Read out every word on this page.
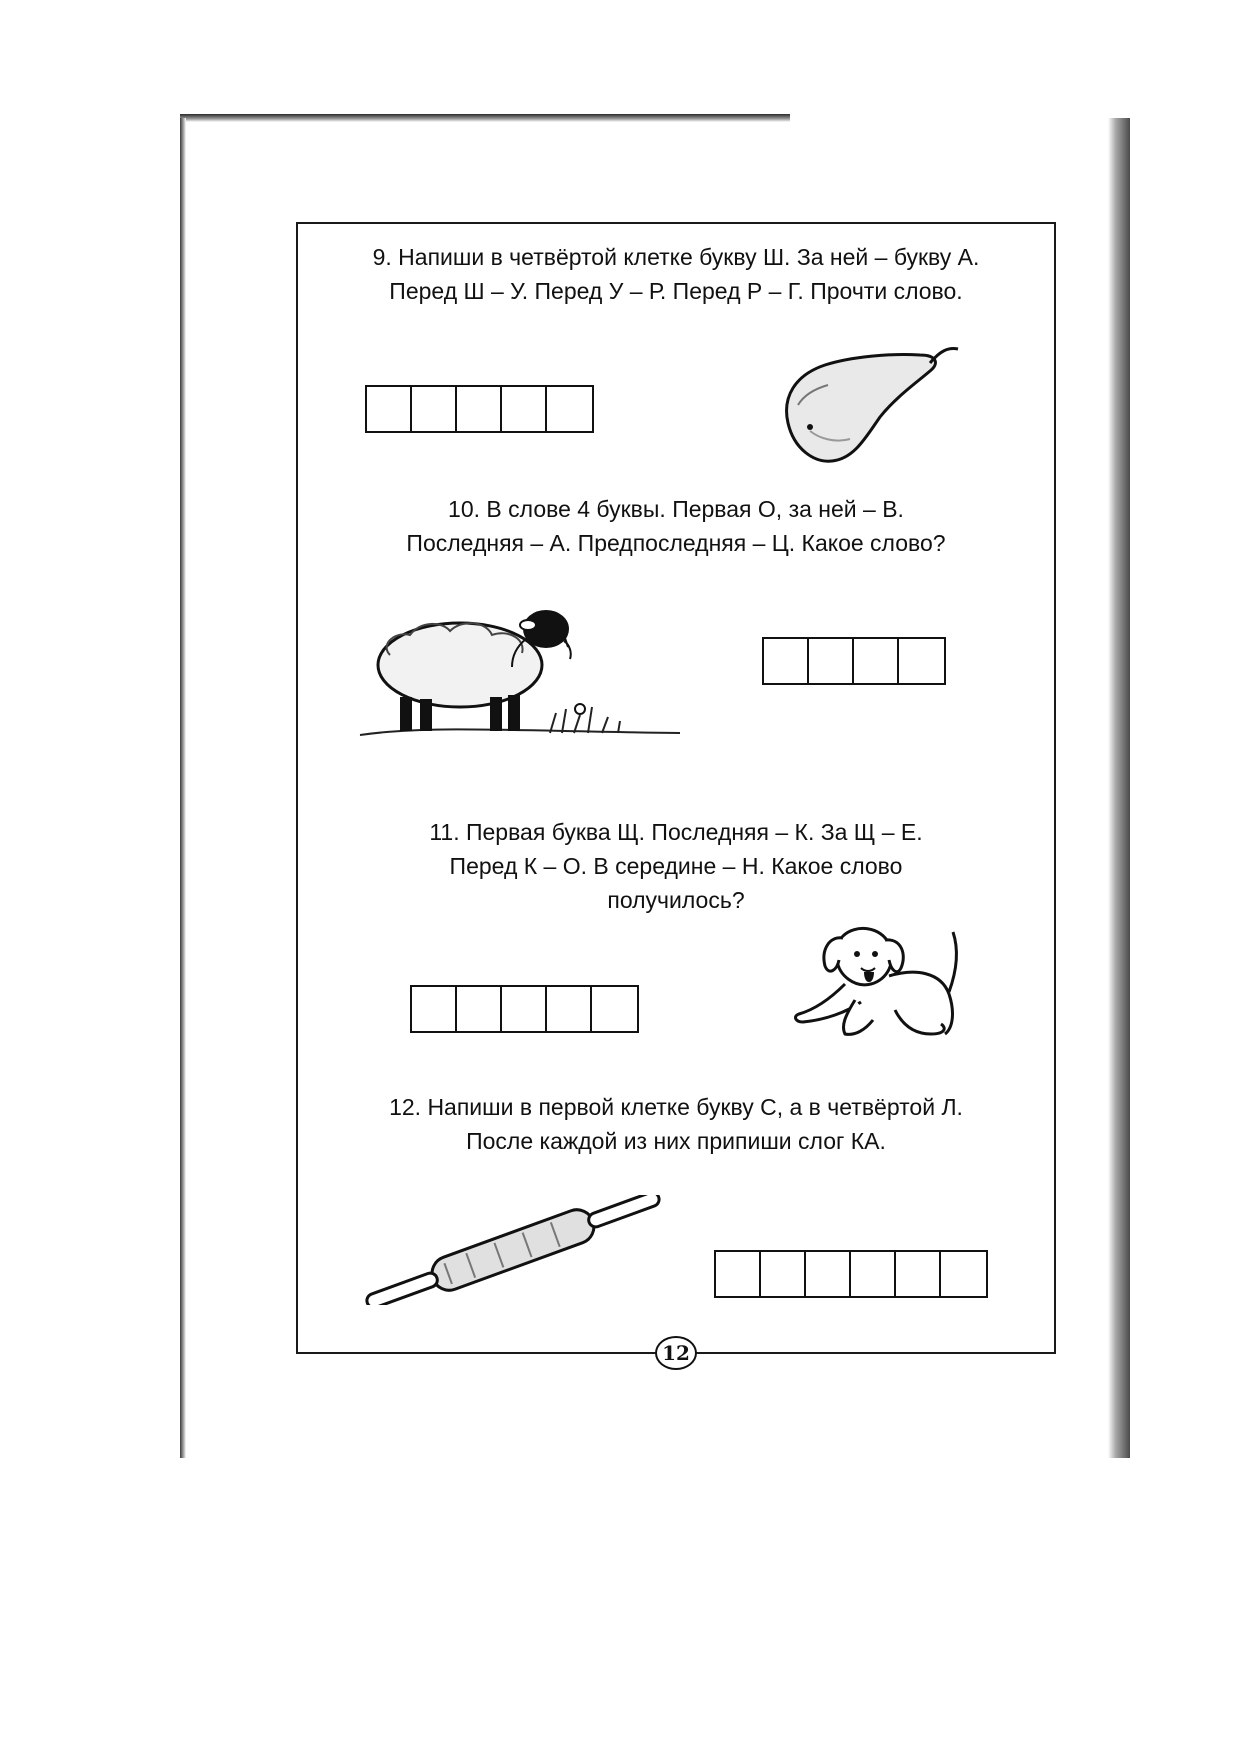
9. Напиши в четвёртой клетке букву Ш. За ней – букву А.
Перед Ш – У. Перед У – Р. Перед Р – Г. Прочти слово.
10. В слове 4 буквы. Первая О, за ней – В.
Последняя – А. Предпоследняя – Ц. Какое слово?
11. Первая буква Щ. Последняя – К. За Щ – Е.
Перед К – О. В середине – Н. Какое слово
получилось?
12. Напиши в первой клетке букву С, а в четвёртой Л.
После каждой из них припиши слог КА.
12
